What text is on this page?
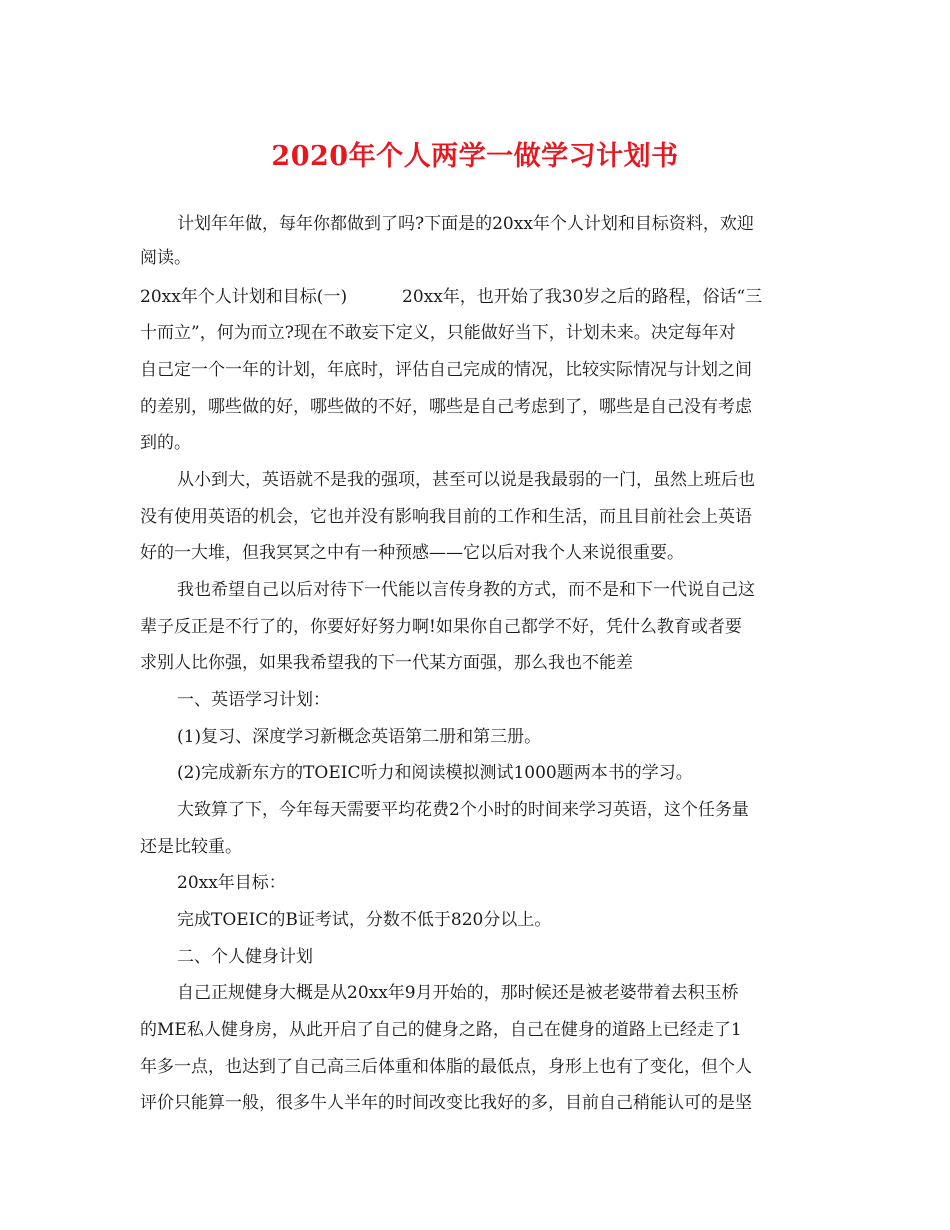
2020年个人两学一做学习计划书
计划年年做，每年你都做到了吗?下面是的20xx年个人计划和目标资料，欢迎
阅读。
20xx年个人计划和目标(一)	20xx年，也开始了我30岁之后的路程，俗话“三
十而立”，何为而立?现在不敢妄下定义，只能做好当下，计划未来。决定每年对
自己定一个一年的计划，年底时，评估自己完成的情况，比较实际情况与计划之间
的差别，哪些做的好，哪些做的不好，哪些是自己考虑到了，哪些是自己没有考虑
到的。
从小到大，英语就不是我的强项，甚至可以说是我最弱的一门，虽然上班后也
没有使用英语的机会，它也并没有影响我目前的工作和生活，而且目前社会上英语
好的一大堆，但我冥冥之中有一种预感——它以后对我个人来说很重要。
我也希望自己以后对待下一代能以言传身教的方式，而不是和下一代说自己这
辈子反正是不行了的，你要好好努力啊!如果你自己都学不好，凭什么教育或者要
求别人比你强，如果我希望我的下一代某方面强，那么我也不能差
一、英语学习计划：
(1)复习、深度学习新概念英语第二册和第三册。
(2)完成新东方的TOEIC听力和阅读模拟测试1000题两本书的学习。
大致算了下，今年每天需要平均花费2个小时的时间来学习英语，这个任务量
还是比较重。
20xx年目标：
完成TOEIC的B证考试，分数不低于820分以上。
二、个人健身计划
自己正规健身大概是从20xx年9月开始的，那时候还是被老婆带着去积玉桥
的ME私人健身房，从此开启了自己的健身之路，自己在健身的道路上已经走了1
年多一点，也达到了自己高三后体重和体脂的最低点，身形上也有了变化，但个人
评价只能算一般，很多牛人半年的时间改变比我好的多，目前自己稍能认可的是坚
